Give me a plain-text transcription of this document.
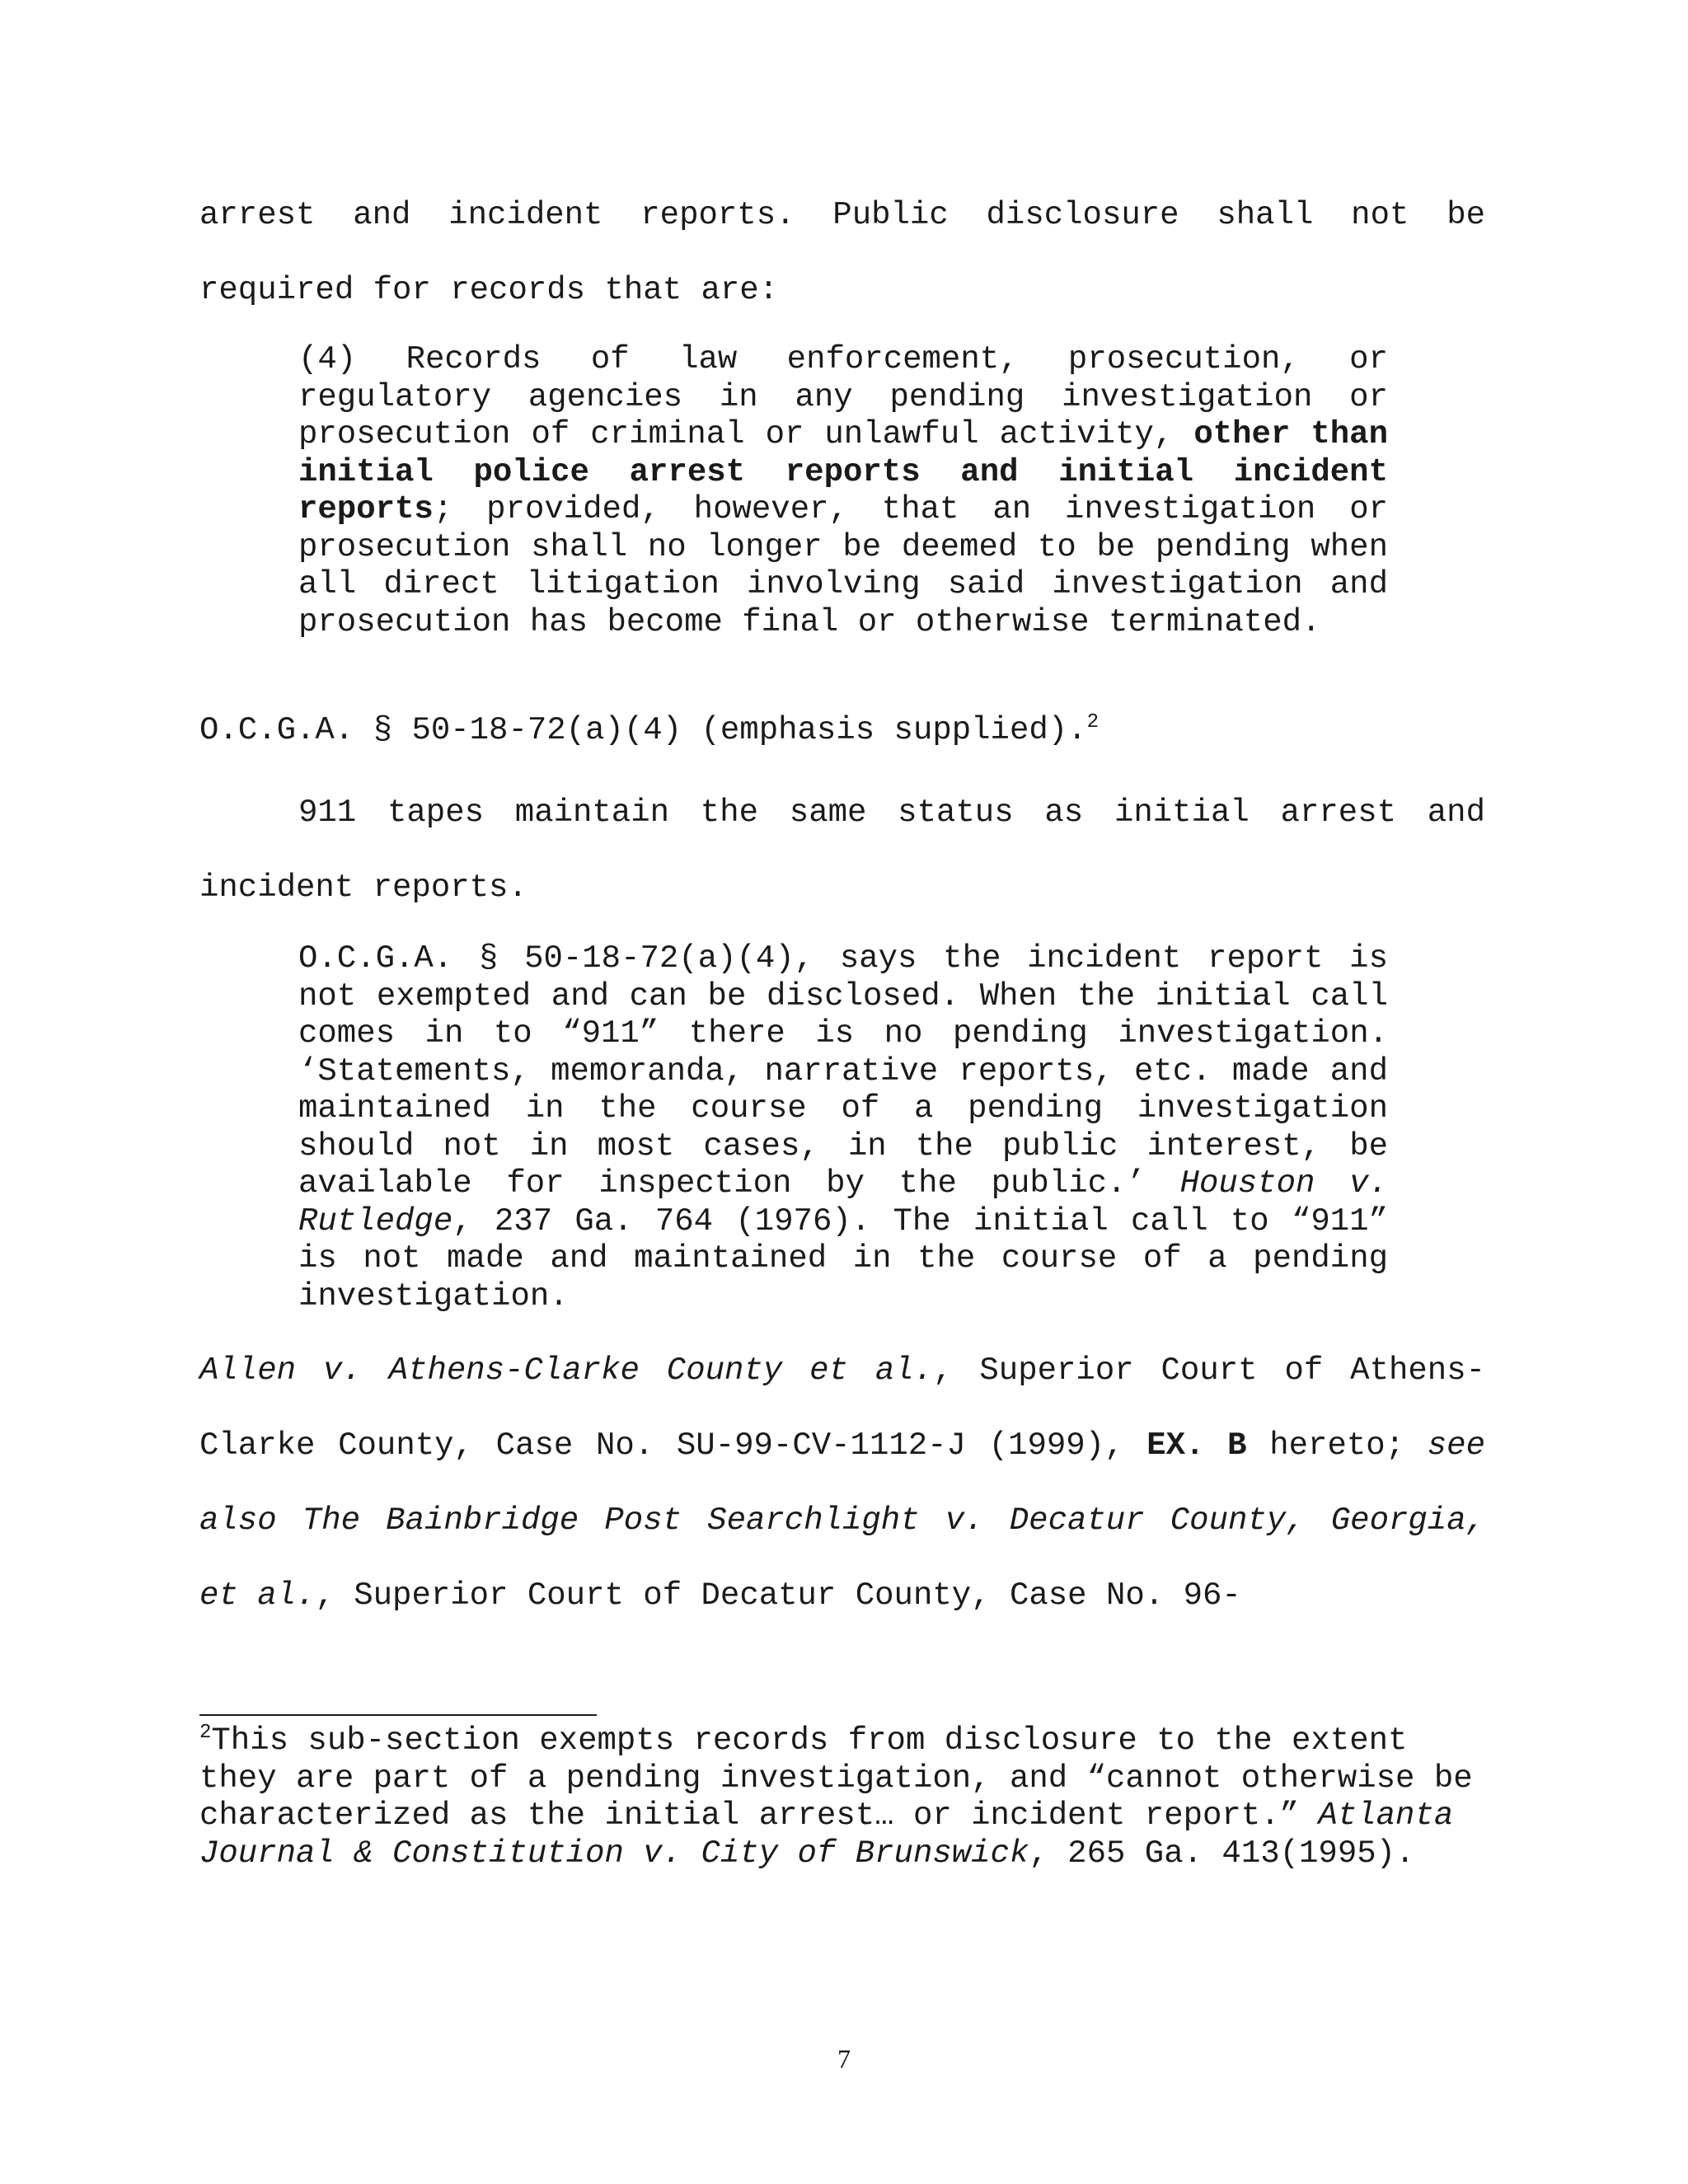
arrest and incident reports. Public disclosure shall not be required for records that are:

(4) Records of law enforcement, prosecution, or regulatory agencies in any pending investigation or prosecution of criminal or unlawful activity, other than initial police arrest reports and initial incident reports; provided, however, that an investigation or prosecution shall no longer be deemed to be pending when all direct litigation involving said investigation and prosecution has become final or otherwise terminated.

O.C.G.A. § 50-18-72(a)(4) (emphasis supplied).$^2$

911 tapes maintain the same status as initial arrest and incident reports.

O.C.G.A. § 50-18-72(a)(4), says the incident report is not exempted and can be disclosed. When the initial call comes in to “911” there is no pending investigation. ‘Statements, memoranda, narrative reports, etc. made and maintained in the course of a pending investigation should not in most cases, in the public interest, be available for inspection by the public.’ Houston v. Rutledge, 237 Ga. 764 (1976). The initial call to “911” is not made and maintained in the course of a pending investigation.

Allen v. Athens-Clarke County et al., Superior Court of Athens-Clarke County, Case No. SU-99-CV-1112-J (1999), EX. B hereto; see also The Bainbridge Post Searchlight v. Decatur County, Georgia, et al., Superior Court of Decatur County, Case No. 96-

$^2$This sub-section exempts records from disclosure to the extent they are part of a pending investigation, and “cannot otherwise be characterized as the initial arrest… or incident report.” Atlanta Journal & Constitution v. City of Brunswick, 265 Ga. 413(1995).

7
